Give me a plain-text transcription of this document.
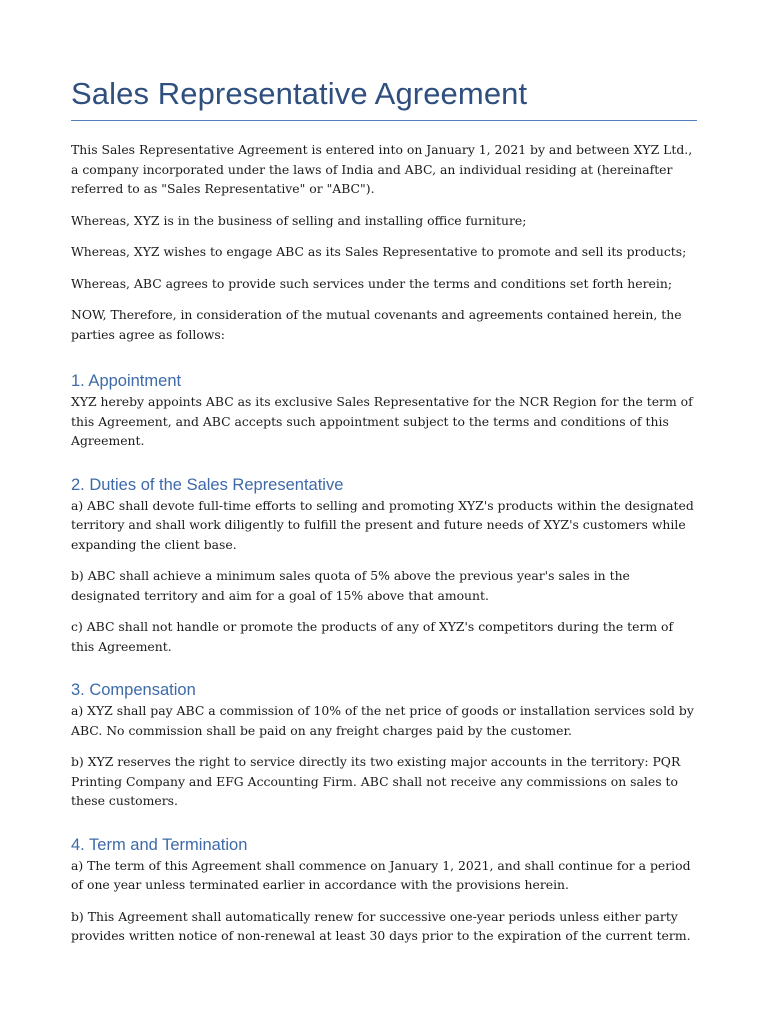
Sales Representative Agreement

This Sales Representative Agreement is entered into on January 1, 2021 by and between XYZ Ltd., a company incorporated under the laws of India and ABC, an individual residing at (hereinafter referred to as "Sales Representative" or "ABC").

Whereas, XYZ is in the business of selling and installing office furniture;

Whereas, XYZ wishes to engage ABC as its Sales Representative to promote and sell its products;

Whereas, ABC agrees to provide such services under the terms and conditions set forth herein;

NOW, Therefore, in consideration of the mutual covenants and agreements contained herein, the parties agree as follows:

1. Appointment

XYZ hereby appoints ABC as its exclusive Sales Representative for the NCR Region for the term of this Agreement, and ABC accepts such appointment subject to the terms and conditions of this Agreement.

2. Duties of the Sales Representative

a) ABC shall devote full-time efforts to selling and promoting XYZ's products within the designated territory and shall work diligently to fulfill the present and future needs of XYZ's customers while expanding the client base.

b) ABC shall achieve a minimum sales quota of 5% above the previous year's sales in the designated territory and aim for a goal of 15% above that amount.

c) ABC shall not handle or promote the products of any of XYZ's competitors during the term of this Agreement.

3. Compensation

a) XYZ shall pay ABC a commission of 10% of the net price of goods or installation services sold by ABC. No commission shall be paid on any freight charges paid by the customer.

b) XYZ reserves the right to service directly its two existing major accounts in the territory: PQR Printing Company and EFG Accounting Firm. ABC shall not receive any commissions on sales to these customers.

4. Term and Termination

a) The term of this Agreement shall commence on January 1, 2021, and shall continue for a period of one year unless terminated earlier in accordance with the provisions herein.

b) This Agreement shall automatically renew for successive one-year periods unless either party provides written notice of non-renewal at least 30 days prior to the expiration of the current term.
